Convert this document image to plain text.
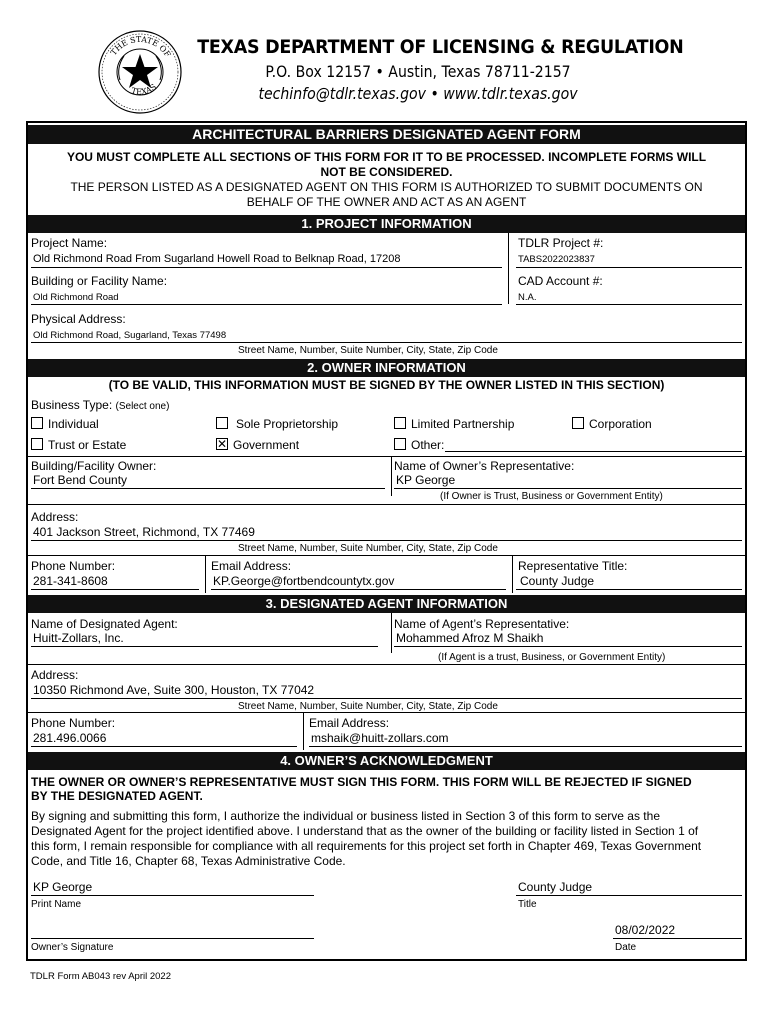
THE STATE OF
TEXAS
TEXAS DEPARTMENT OF LICENSING & REGULATION
P.O. Box 12157 • Austin, Texas 78711-2157
techinfo@tdlr.texas.gov • www.tdlr.texas.gov
ARCHITECTURAL BARRIERS DESIGNATED AGENT FORM
YOU MUST COMPLETE ALL SECTIONS OF THIS FORM FOR IT TO BE PROCESSED. INCOMPLETE FORMS WILL
NOT BE CONSIDERED.
THE PERSON LISTED AS A DESIGNATED AGENT ON THIS FORM IS AUTHORIZED TO SUBMIT DOCUMENTS ON
BEHALF OF THE OWNER AND ACT AS AN AGENT
1. PROJECT INFORMATION
Project Name:
Old Richmond Road From Sugarland Howell Road to Belknap Road, 17208
TDLR Project #:
TABS2022023837
Building or Facility Name:
Old Richmond Road
CAD Account #:
N.A.
Physical Address:
Old Richmond Road, Sugarland, Texas 77498
Street Name, Number, Suite Number, City, State, Zip Code
2. OWNER INFORMATION
(TO BE VALID, THIS INFORMATION MUST BE SIGNED BY THE OWNER LISTED IN THIS SECTION)
Business Type: (Select one)
Individual	Sole Proprietorship	Limited Partnership	Corporation
Trust or Estate	✕ Government	Other:
Building/Facility Owner:
Fort Bend County
Name of Owner’s Representative:
KP George
(If Owner is Trust, Business or Government Entity)
Address:
401 Jackson Street, Richmond, TX 77469
Street Name, Number, Suite Number, City, State, Zip Code
Phone Number:
281-341-8608
Email Address:
KP.George@fortbendcountytx.gov
Representative Title:
County Judge
3. DESIGNATED AGENT INFORMATION
Name of Designated Agent:
Huitt-Zollars, Inc.
Name of Agent’s Representative:
Mohammed Afroz M Shaikh
(If Agent is a trust, Business, or Government Entity)
Address:
10350 Richmond Ave, Suite 300, Houston, TX 77042
Street Name, Number, Suite Number, City, State, Zip Code
Phone Number:
281.496.0066
Email Address:
mshaik@huitt-zollars.com
4. OWNER’S ACKNOWLEDGMENT
THE OWNER OR OWNER’S REPRESENTATIVE MUST SIGN THIS FORM. THIS FORM WILL BE REJECTED IF SIGNED
BY THE DESIGNATED AGENT.
By signing and submitting this form, I authorize the individual or business listed in Section 3 of this form to serve as the
Designated Agent for the project identified above. I understand that as the owner of the building or facility listed in Section 1 of
this form, I remain responsible for compliance with all requirements for this project set forth in Chapter 469, Texas Government
Code, and Title 16, Chapter 68, Texas Administrative Code.
KP George
Print Name
County Judge
Title
08/02/2022
Owner’s Signature	Date
TDLR Form AB043 rev April 2022
